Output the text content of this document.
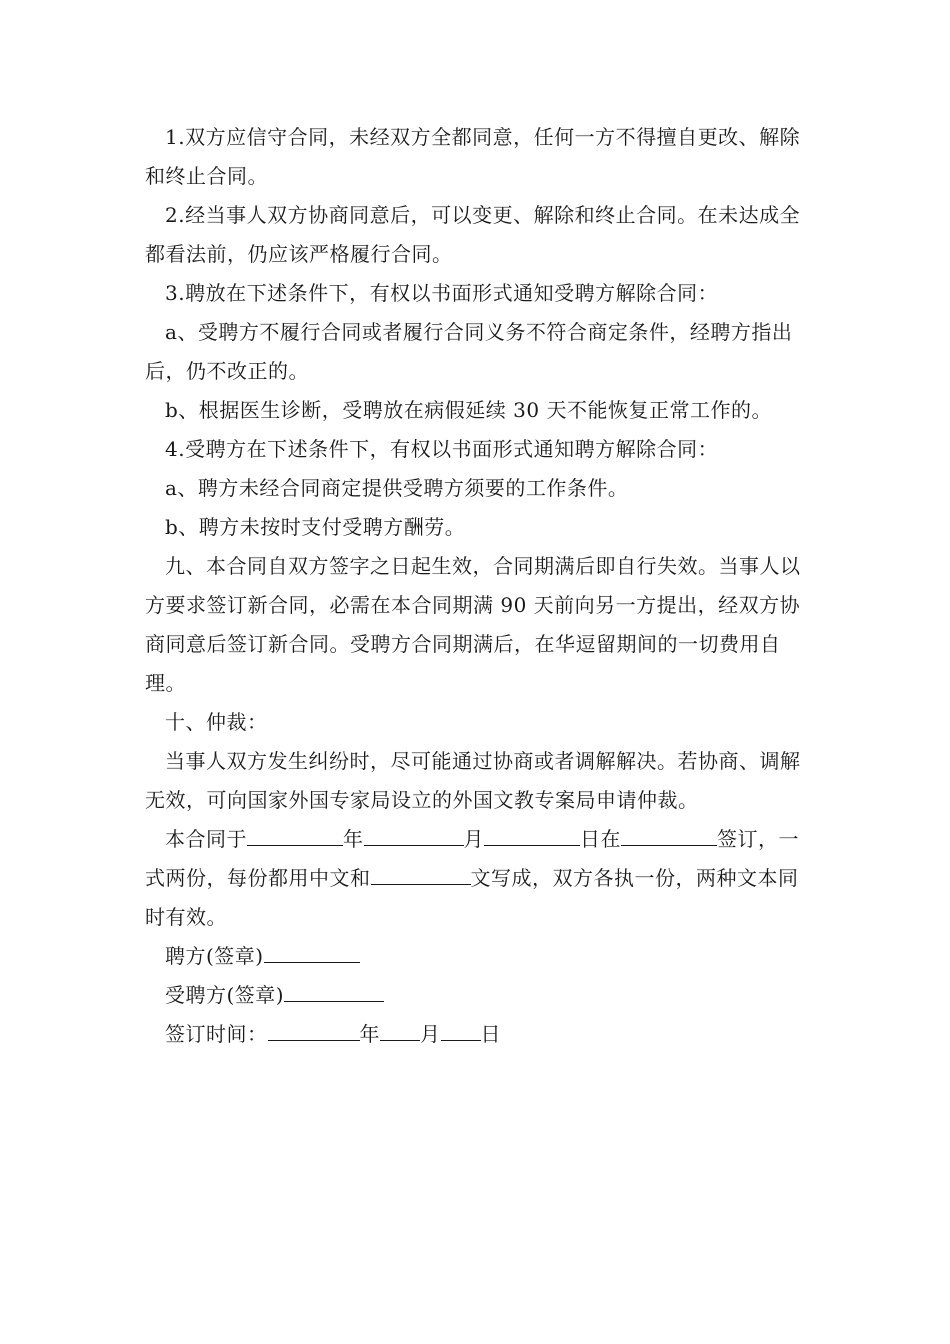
1.双方应信守合同，未经双方全都同意，任何一方不得擅自更改、解除和终止合同。

2.经当事人双方协商同意后，可以变更、解除和终止合同。在未达成全都看法前，仍应该严格履行合同。

3.聘放在下述条件下，有权以书面形式通知受聘方解除合同：

a、受聘方不履行合同或者履行合同义务不符合商定条件，经聘方指出后，仍不改正的。

b、根据医生诊断，受聘放在病假延续 30 天不能恢复正常工作的。

4.受聘方在下述条件下，有权以书面形式通知聘方解除合同：

a、聘方未经合同商定提供受聘方须要的工作条件。

b、聘方未按时支付受聘方酬劳。

九、本合同自双方签字之日起生效，合同期满后即自行失效。当事人以方要求签订新合同，必需在本合同期满 90 天前向另一方提出，经双方协商同意后签订新合同。受聘方合同期满后，在华逗留期间的一切费用自理。

十、仲裁：

当事人双方发生纠纷时，尽可能通过协商或者调解解决。若协商、调解无效，可向国家外国专家局设立的外国文教专案局申请仲裁。

本合同于	年	月	日在	签订，一式两份，每份都用中文和	文写成，双方各执一份，两种文本同时有效。

聘方(签章)

受聘方(签章)

签订时间：	年 月 日
